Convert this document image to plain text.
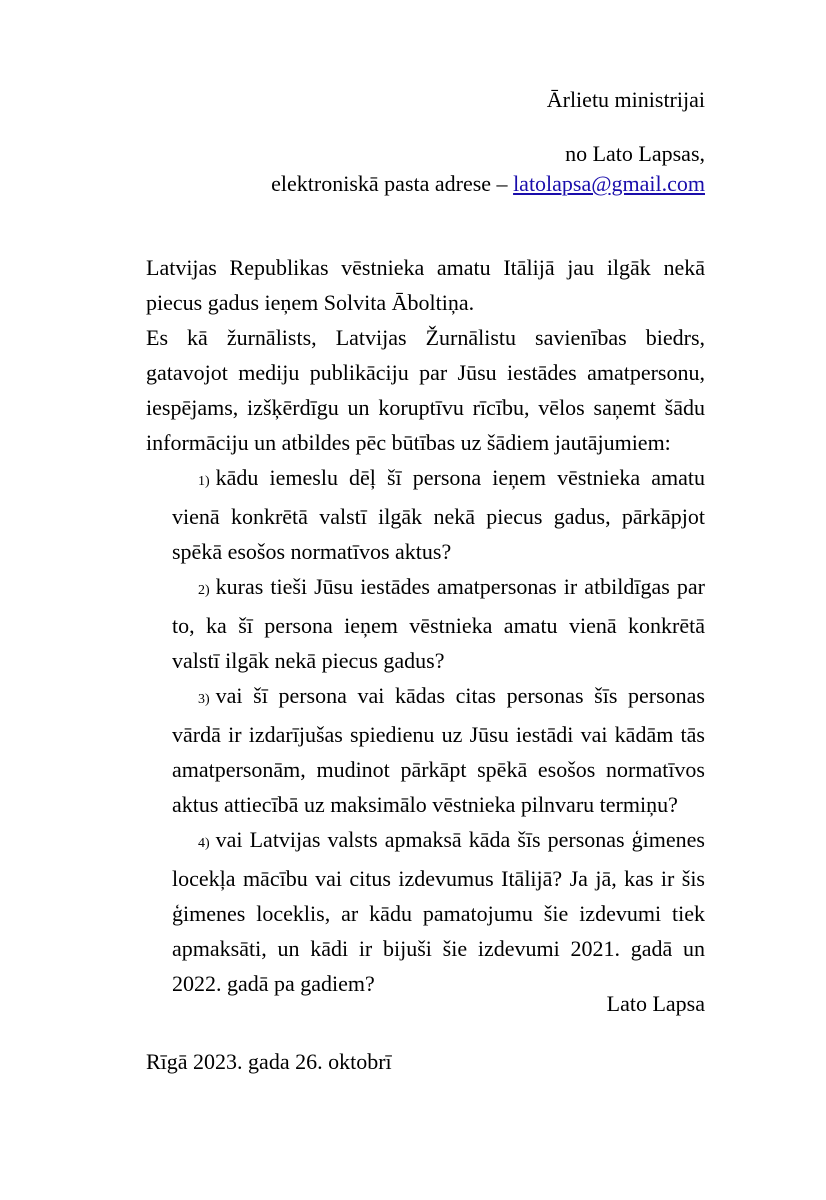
Ārlietu ministrijai
no Lato Lapsas,
elektroniskā pasta adrese – latolapsa@gmail.com

Latvijas Republikas vēstnieka amatu Itālijā jau ilgāk nekā piecus gadus ieņem Solvita Āboltiņa.

Es kā žurnālists, Latvijas Žurnālistu savienības biedrs, gatavojot mediju publikāciju par Jūsu iestādes amatpersonu, iespējams, izšķērdīgu un koruptīvu rīcību, vēlos saņemt šādu informāciju un atbildes pēc būtības uz šādiem jautājumiem:

1) kādu iemeslu dēļ šī persona ieņem vēstnieka amatu vienā konkrētā valstī ilgāk nekā piecus gadus, pārkāpjot spēkā esošos normatīvos aktus?

2) kuras tieši Jūsu iestādes amatpersonas ir atbildīgas par to, ka šī persona ieņem vēstnieka amatu vienā konkrētā valstī ilgāk nekā piecus gadus?

3) vai šī persona vai kādas citas personas šīs personas vārdā ir izdarījušas spiedienu uz Jūsu iestādi vai kādām tās amatpersonām, mudinot pārkāpt spēkā esošos normatīvos aktus attiecībā uz maksimālo vēstnieka pilnvaru termiņu?

4) vai Latvijas valsts apmaksā kāda šīs personas ģimenes locekļa mācību vai citus izdevumus Itālijā? Ja jā, kas ir šis ģimenes loceklis, ar kādu pamatojumu šie izdevumi tiek apmaksāti, un kādi ir bijuši šie izdevumi 2021. gadā un 2022. gadā pa gadiem?

Lato Lapsa
Rīgā 2023. gada 26. oktobrī
